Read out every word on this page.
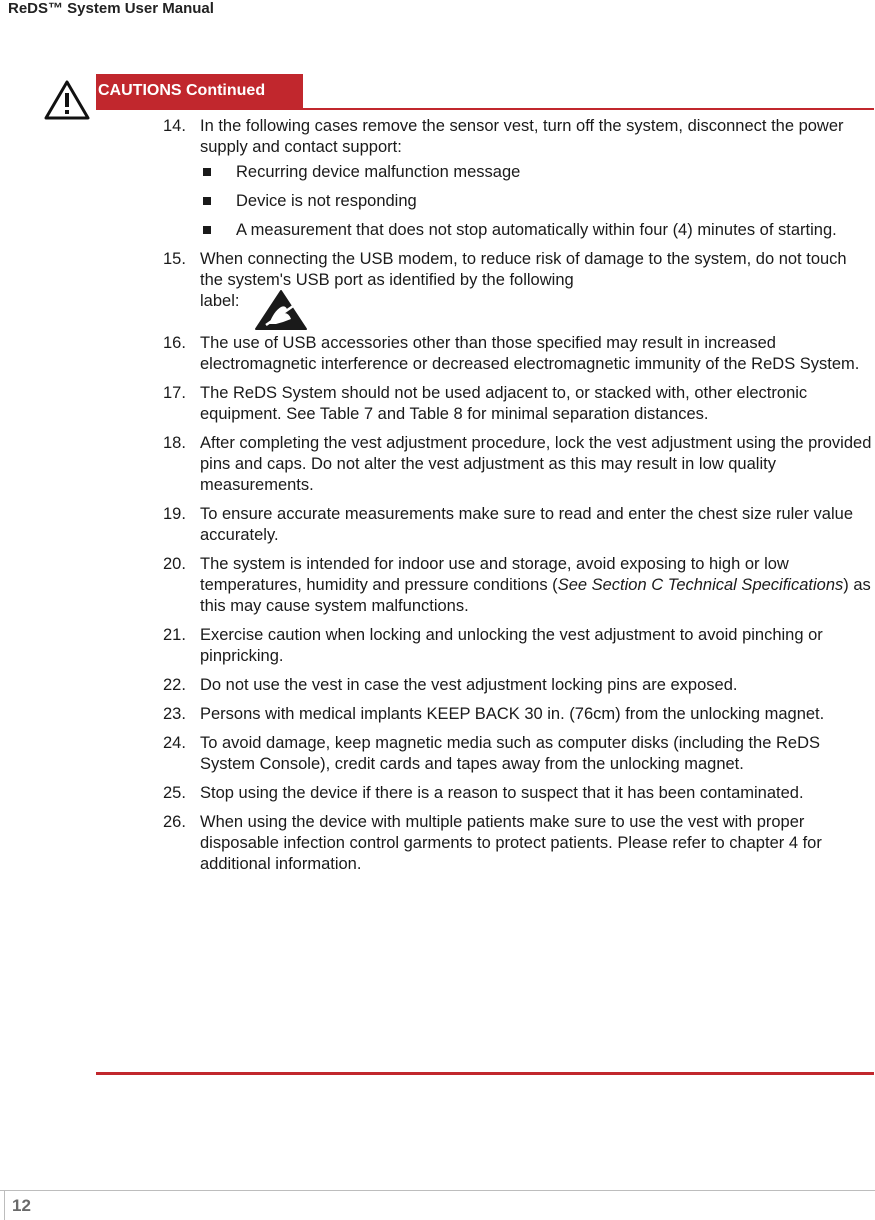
ReDS™ System User Manual
CAUTIONS Continued
14. In the following cases remove the sensor vest, turn off the system, disconnect the power supply and contact support:
Recurring device malfunction message
Device is not responding
A measurement that does not stop automatically within four (4) minutes of starting.
15. When connecting the USB modem, to reduce risk of damage to the system, do not touch the system's USB port as identified by the following
label:
16. The use of USB accessories other than those specified may result in increased electromagnetic interference or decreased electromagnetic immunity of the ReDS System.
17. The ReDS System should not be used adjacent to, or stacked with, other electronic equipment. See Table 7 and Table 8 for minimal separation distances.
18. After completing the vest adjustment procedure, lock the vest adjustment using the provided pins and caps. Do not alter the vest adjustment as this may result in low quality measurements.
19. To ensure accurate measurements make sure to read and enter the chest size ruler value accurately.
20. The system is intended for indoor use and storage, avoid exposing to high or low temperatures, humidity and pressure conditions (See Section C Technical Specifications) as this may cause system malfunctions.
21. Exercise caution when locking and unlocking the vest adjustment to avoid pinching or pinpricking.
22. Do not use the vest in case the vest adjustment locking pins are exposed.
23. Persons with medical implants KEEP BACK 30 in. (76cm) from the unlocking magnet.
24. To avoid damage, keep magnetic media such as computer disks (including the ReDS System Console), credit cards and tapes away from the unlocking magnet.
25. Stop using the device if there is a reason to suspect that it has been contaminated.
26. When using the device with multiple patients make sure to use the vest with proper disposable infection control garments to protect patients. Please refer to chapter 4 for additional information.
12
